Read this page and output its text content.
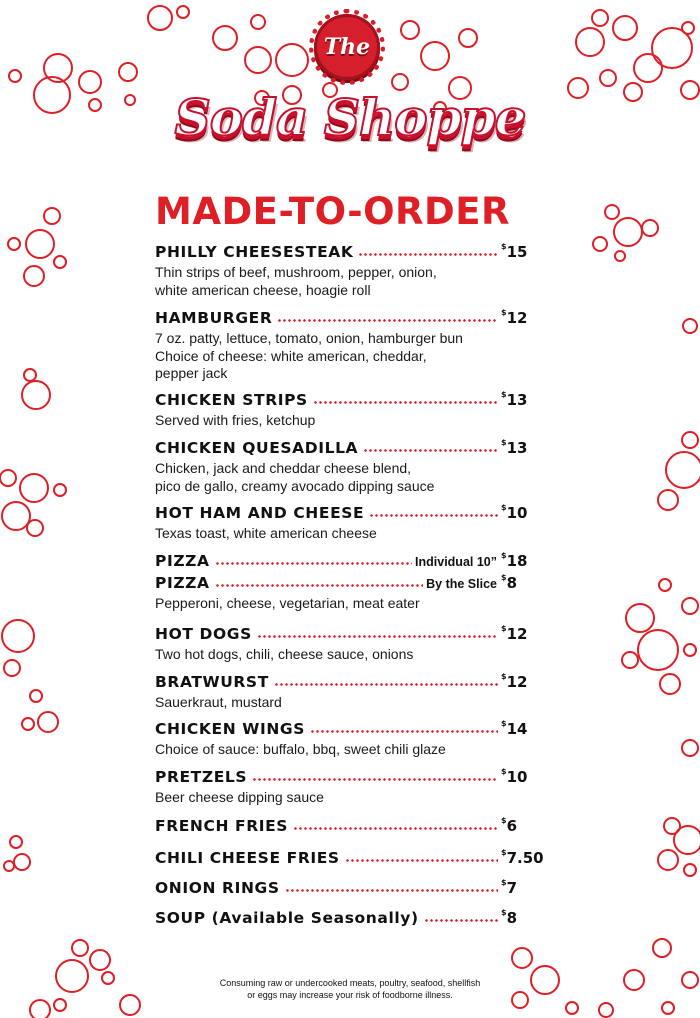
The
Soda Shoppe
MADE-TO-ORDER
PHILLY CHEESESTEAK	$15
Thin strips of beef, mushroom, pepper, onion,
white american cheese, hoagie roll
HAMBURGER	$12
7 oz. patty, lettuce, tomato, onion, hamburger bun
Choice of cheese: white american, cheddar,
pepper jack
CHICKEN STRIPS	$13
Served with fries, ketchup
CHICKEN QUESADILLA	$13
Chicken, jack and cheddar cheese blend,
pico de gallo, creamy avocado dipping sauce
HOT HAM AND CHEESE	$10
Texas toast, white american cheese
PIZZA	Individual 10” $18
PIZZA	By the Slice $8
Pepperoni, cheese, vegetarian, meat eater
HOT DOGS	$12
Two hot dogs, chili, cheese sauce, onions
BRATWURST	$12
Sauerkraut, mustard
CHICKEN WINGS	$14
Choice of sauce: buffalo, bbq, sweet chili glaze
PRETZELS	$10
Beer cheese dipping sauce
FRENCH FRIES	$6
CHILI CHEESE FRIES	$7.50
ONION RINGS	$7
SOUP (Available Seasonally)	$8
Consuming raw or undercooked meats, poultry, seafood, shellfish
or eggs may increase your risk of foodborne illness.
